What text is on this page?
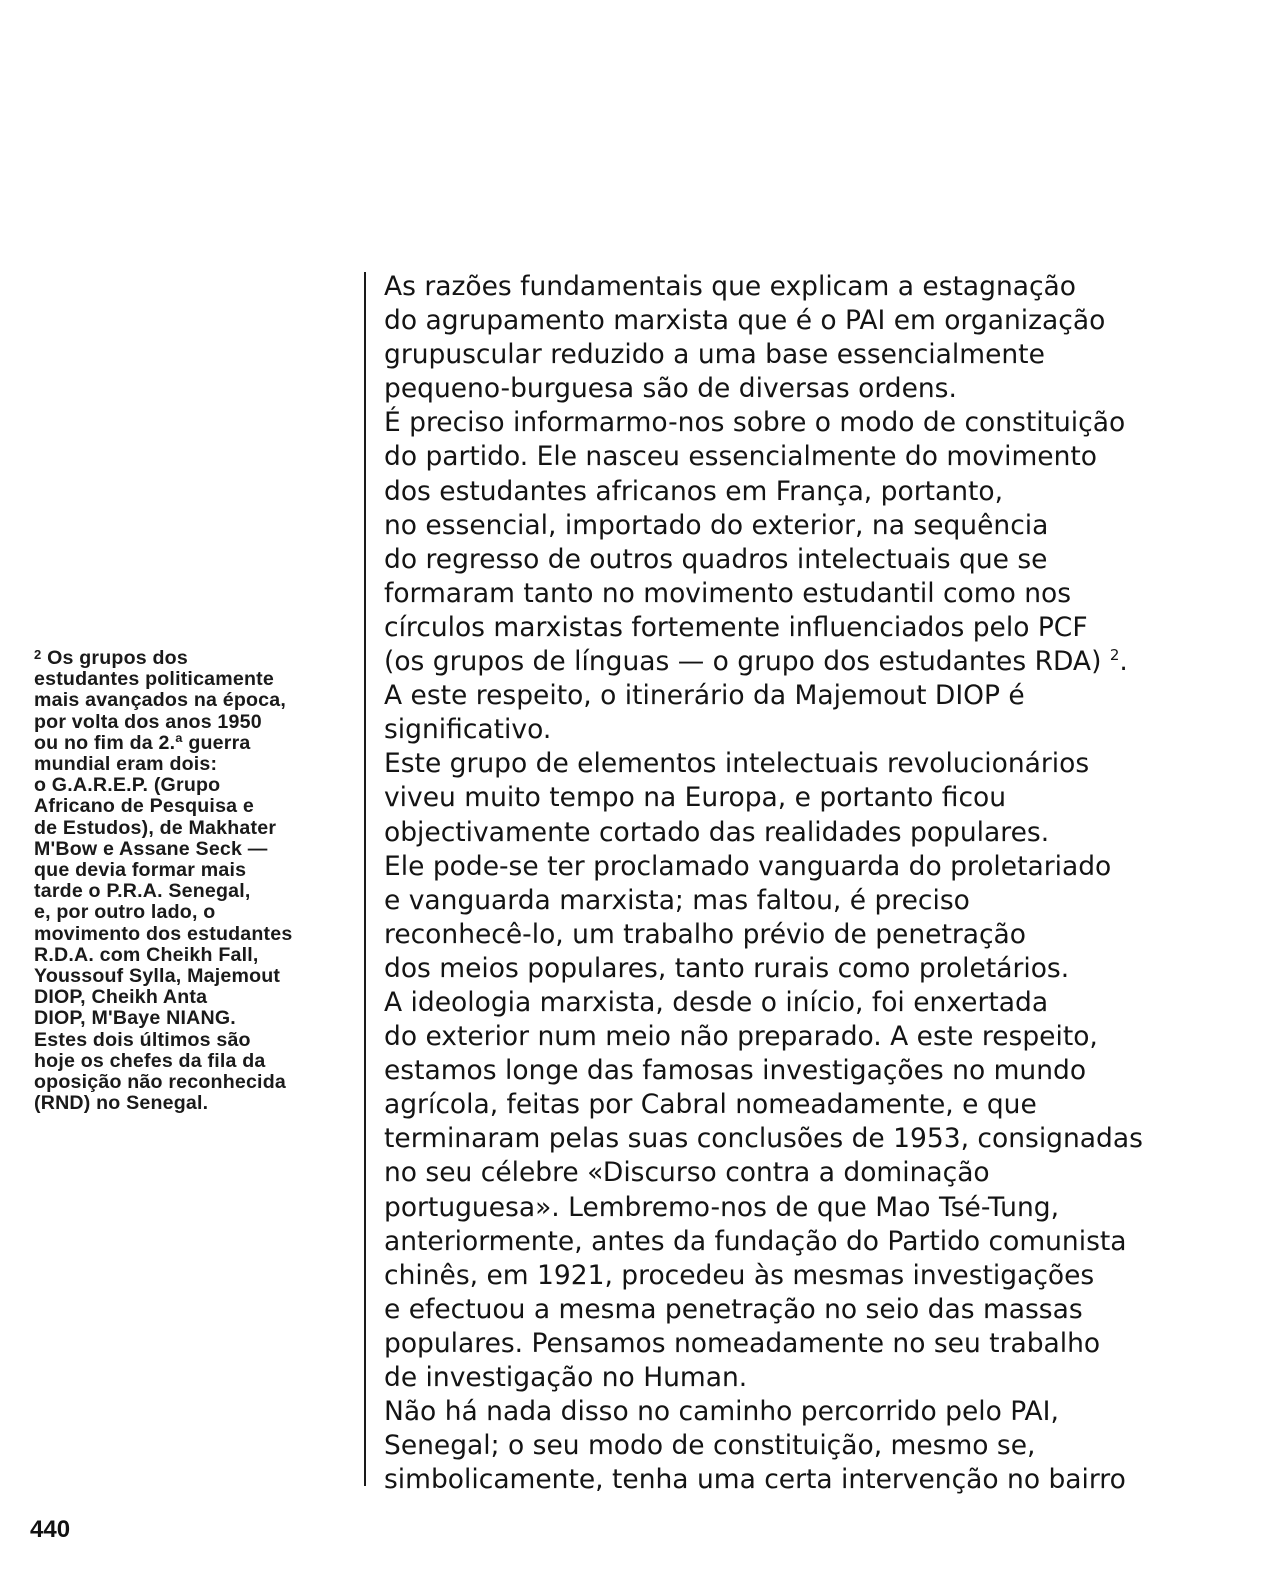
$^2$ Os grupos dos
estudantes politicamente
mais avançados na época,
por volta dos anos 1950
ou no fim da 2.ª guerra
mundial eram dois:
o G.A.R.E.P. (Grupo
Africano de Pesquisa e
de Estudos), de Makhater
M'Bow e Assane Seck —
que devia formar mais
tarde o P.R.A. Senegal,
e, por outro lado, o
movimento dos estudantes
R.D.A. com Cheikh Fall,
Youssouf Sylla, Majemout
DIOP, Cheikh Anta
DIOP, M'Baye NIANG.
Estes dois últimos são
hoje os chefes da fila da
oposição não reconhecida
(RND) no Senegal.
As razões fundamentais que explicam a estagnação
do agrupamento marxista que é o PAI em organização
grupuscular reduzido a uma base essencialmente
pequeno-burguesa são de diversas ordens.
É preciso informarmo-nos sobre o modo de constituição
do partido. Ele nasceu essencialmente do movimento
dos estudantes africanos em França, portanto,
no essencial, importado do exterior, na sequência
do regresso de outros quadros intelectuais que se
formaram tanto no movimento estudantil como nos
círculos marxistas fortemente influenciados pelo PCF
(os grupos de línguas — o grupo dos estudantes RDA) $^2$.
A este respeito, o itinerário da Majemout DIOP é
significativo.
Este grupo de elementos intelectuais revolucionários
viveu muito tempo na Europa, e portanto ficou
objectivamente cortado das realidades populares.
Ele pode-se ter proclamado vanguarda do proletariado
e vanguarda marxista; mas faltou, é preciso
reconhecê-lo, um trabalho prévio de penetração
dos meios populares, tanto rurais como proletários.
A ideologia marxista, desde o início, foi enxertada
do exterior num meio não preparado. A este respeito,
estamos longe das famosas investigações no mundo
agrícola, feitas por Cabral nomeadamente, e que
terminaram pelas suas conclusões de 1953, consignadas
no seu célebre «Discurso contra a dominação
portuguesa». Lembremo-nos de que Mao Tsé-Tung,
anteriormente, antes da fundação do Partido comunista
chinês, em 1921, procedeu às mesmas investigações
e efectuou a mesma penetração no seio das massas
populares. Pensamos nomeadamente no seu trabalho
de investigação no Human.
Não há nada disso no caminho percorrido pelo PAI,
Senegal; o seu modo de constituição, mesmo se,
simbolicamente, tenha uma certa intervenção no bairro
440
